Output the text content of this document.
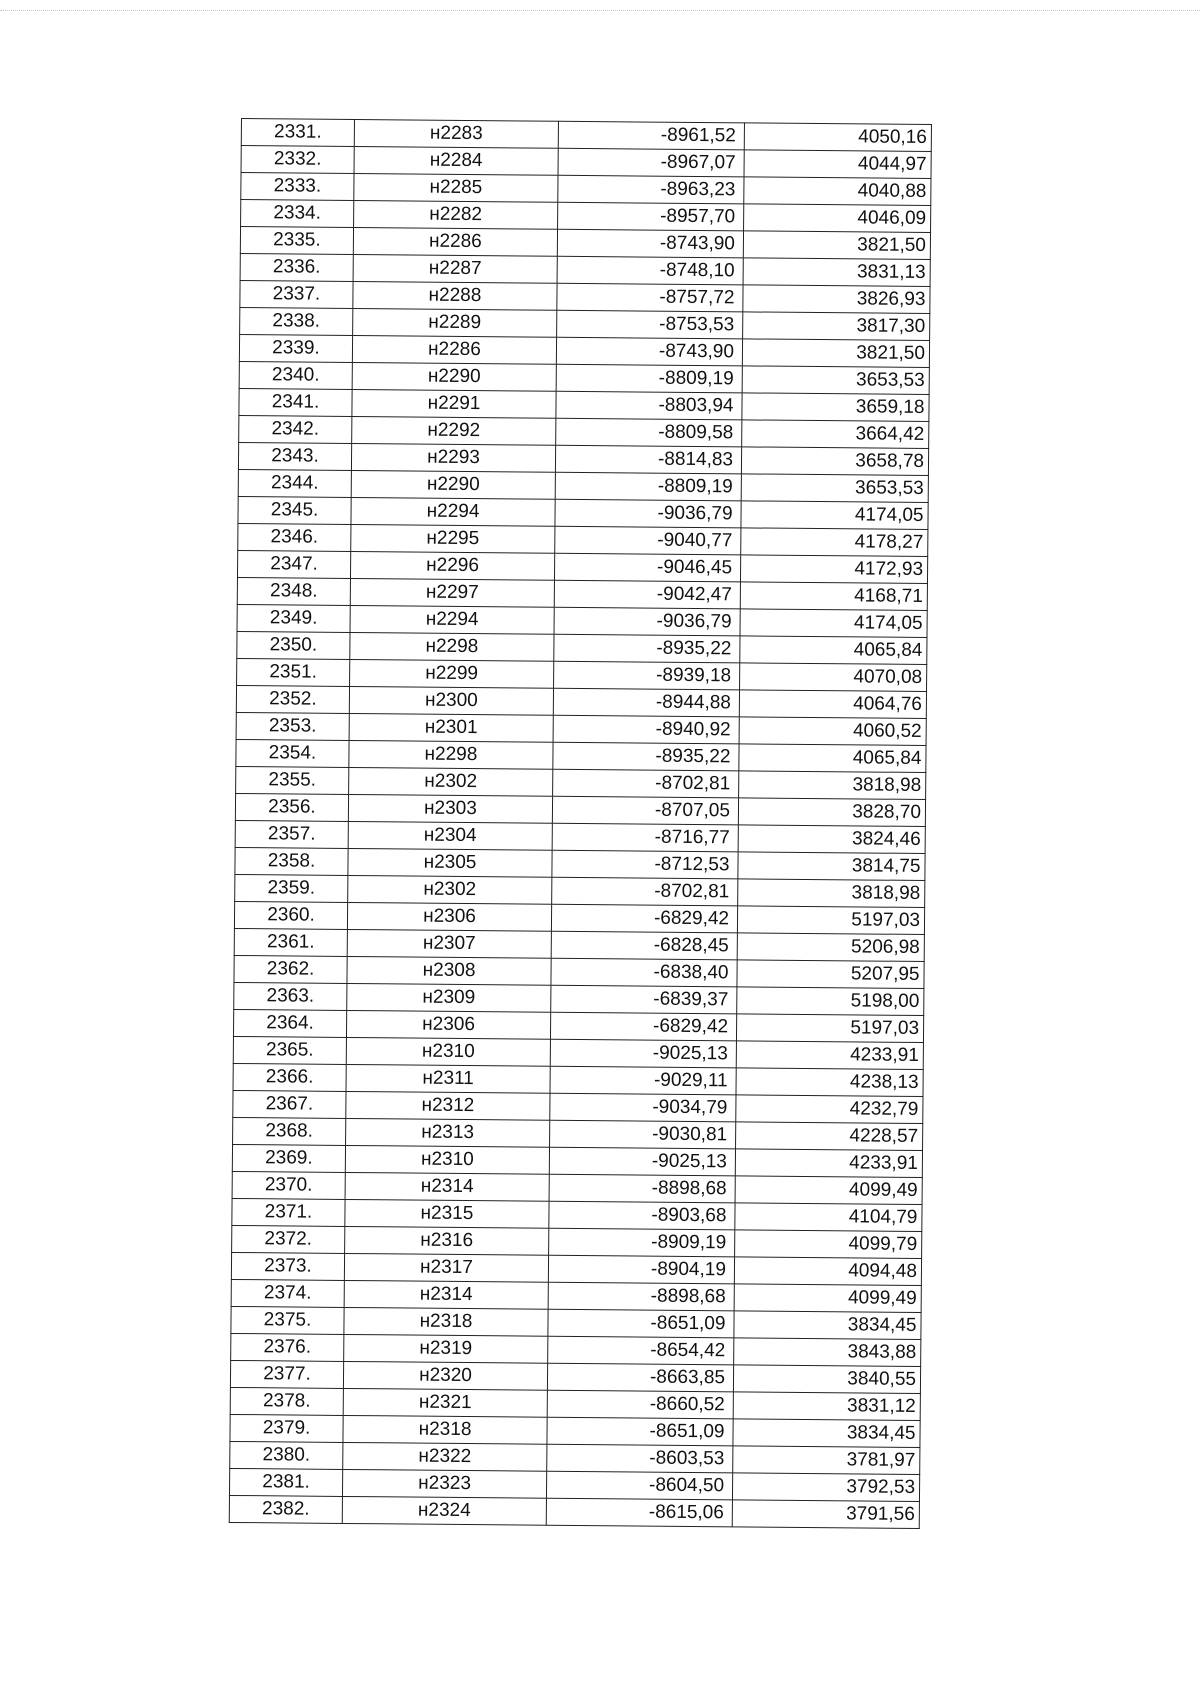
2331.	н2283	-8961,52	4050,16
2332.	н2284	-8967,07	4044,97
2333.	н2285	-8963,23	4040,88
2334.	н2282	-8957,70	4046,09
2335.	н2286	-8743,90	3821,50
2336.	н2287	-8748,10	3831,13
2337.	н2288	-8757,72	3826,93
2338.	н2289	-8753,53	3817,30
2339.	н2286	-8743,90	3821,50
2340.	н2290	-8809,19	3653,53
2341.	н2291	-8803,94	3659,18
2342.	н2292	-8809,58	3664,42
2343.	н2293	-8814,83	3658,78
2344.	н2290	-8809,19	3653,53
2345.	н2294	-9036,79	4174,05
2346.	н2295	-9040,77	4178,27
2347.	н2296	-9046,45	4172,93
2348.	н2297	-9042,47	4168,71
2349.	н2294	-9036,79	4174,05
2350.	н2298	-8935,22	4065,84
2351.	н2299	-8939,18	4070,08
2352.	н2300	-8944,88	4064,76
2353.	н2301	-8940,92	4060,52
2354.	н2298	-8935,22	4065,84
2355.	н2302	-8702,81	3818,98
2356.	н2303	-8707,05	3828,70
2357.	н2304	-8716,77	3824,46
2358.	н2305	-8712,53	3814,75
2359.	н2302	-8702,81	3818,98
2360.	н2306	-6829,42	5197,03
2361.	н2307	-6828,45	5206,98
2362.	н2308	-6838,40	5207,95
2363.	н2309	-6839,37	5198,00
2364.	н2306	-6829,42	5197,03
2365.	н2310	-9025,13	4233,91
2366.	н2311	-9029,11	4238,13
2367.	н2312	-9034,79	4232,79
2368.	н2313	-9030,81	4228,57
2369.	н2310	-9025,13	4233,91
2370.	н2314	-8898,68	4099,49
2371.	н2315	-8903,68	4104,79
2372.	н2316	-8909,19	4099,79
2373.	н2317	-8904,19	4094,48
2374.	н2314	-8898,68	4099,49
2375.	н2318	-8651,09	3834,45
2376.	н2319	-8654,42	3843,88
2377.	н2320	-8663,85	3840,55
2378.	н2321	-8660,52	3831,12
2379.	н2318	-8651,09	3834,45
2380.	н2322	-8603,53	3781,97
2381.	н2323	-8604,50	3792,53
2382.	н2324	-8615,06	3791,56
